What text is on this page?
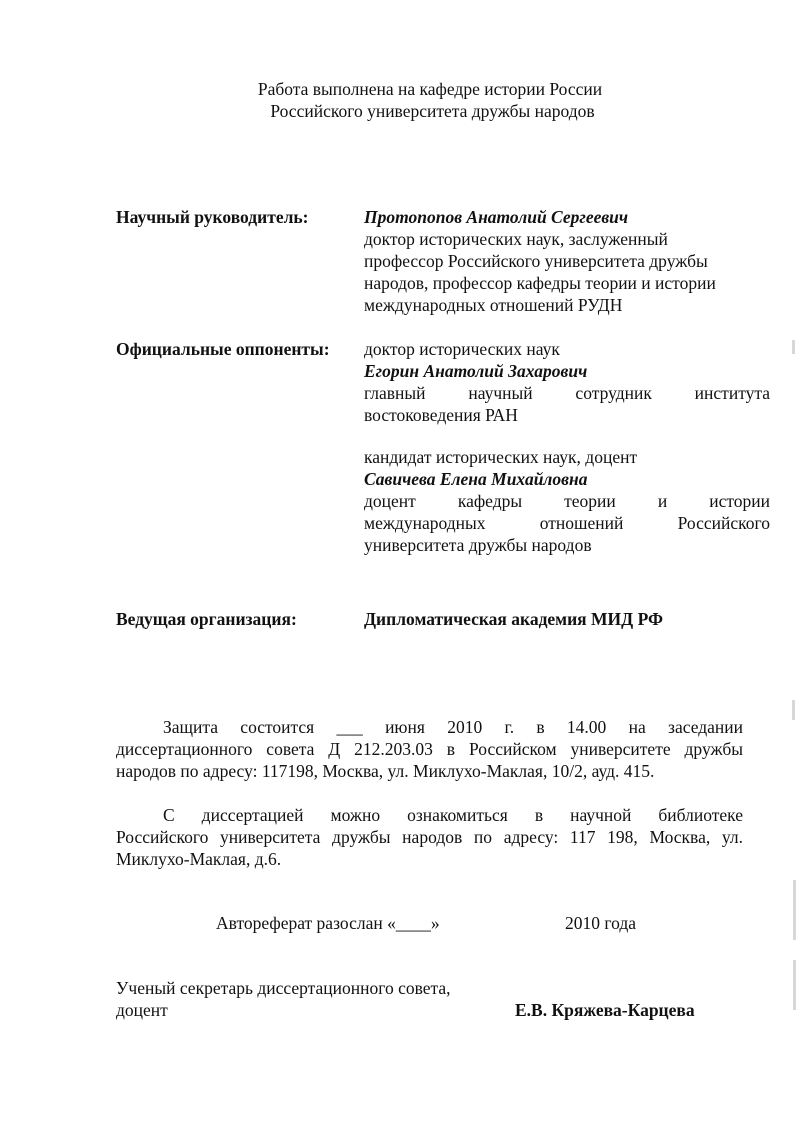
Работа выполнена на кафедре истории России
Российского университета дружбы народов
Научный руководитель:	Протопопов Анатолий Сергеевич
доктор исторических наук, заслуженный
профессор Российского университета дружбы
народов, профессор кафедры теории и истории
международных отношений РУДН
Официальные оппоненты: доктор исторических наук
Егорин Анатолий Захарович
главный научный сотрудник института
востоковедения РАН
кандидат исторических наук, доцент
Савичева Елена Михайловна
доцент кафедры теории и истории
международных отношений Российского
университета дружбы народов
Ведущая организация:	Дипломатическая академия МИД РФ
Защита состоится ___ июня 2010 г. в 14.00 на заседании
диссертационного совета Д 212.203.03 в Российском университете дружбы
народов по адресу: 117198, Москва, ул. Миклухо-Маклая, 10/2, ауд. 415.
С диссертацией можно ознакомиться в научной библиотеке
Российского университета дружбы народов по адресу: 117 198, Москва, ул.
Миклухо-Маклая, д.6.
Автореферат разослан «____»	2010 года
Ученый секретарь диссертационного совета,
доцент	Е.В. Кряжева-Карцева
